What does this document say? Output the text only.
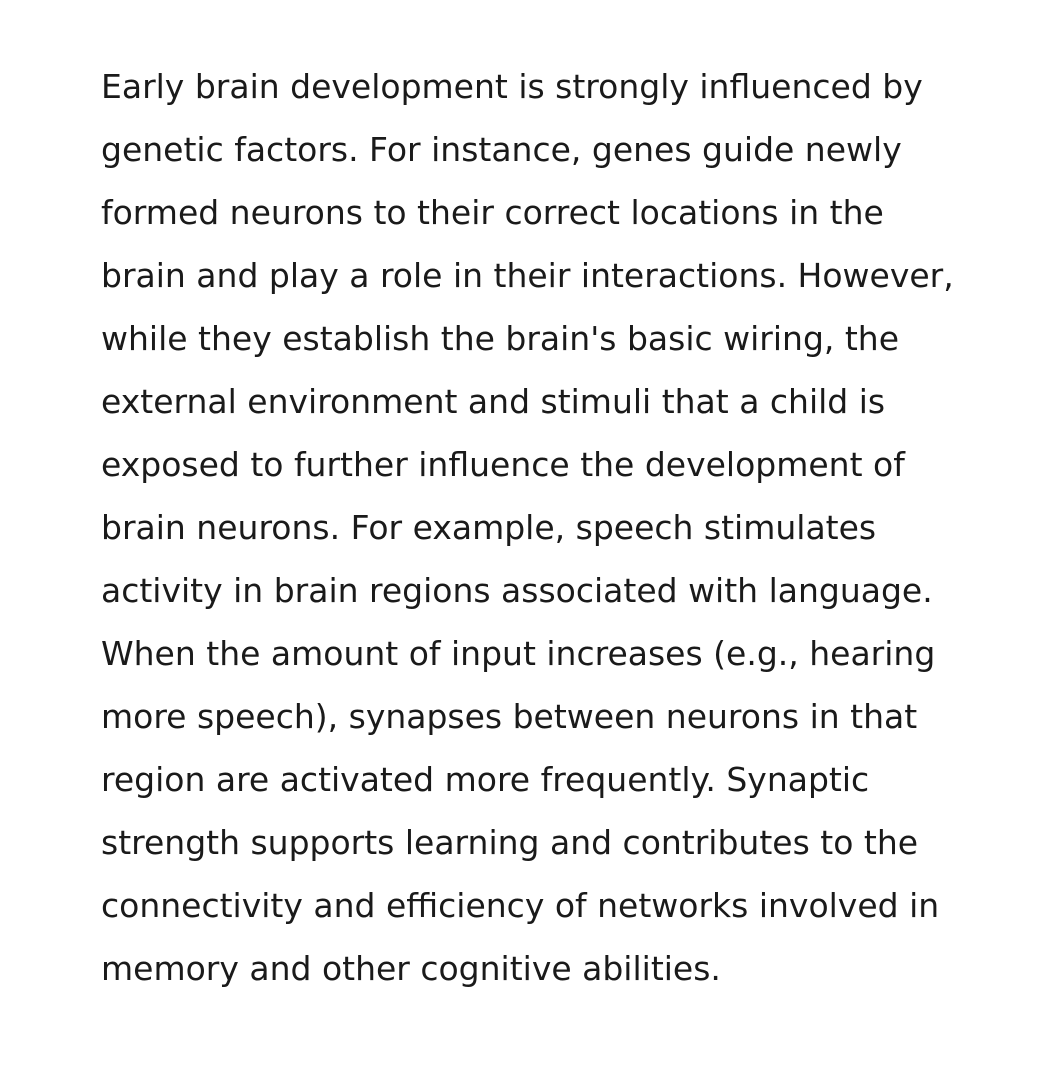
Early brain development is strongly influenced by
genetic factors. For instance, genes guide newly
formed neurons to their correct locations in the
brain and play a role in their interactions. However,
while they establish the brain's basic wiring, the
external environment and stimuli that a child is
exposed to further influence the development of
brain neurons. For example, speech stimulates
activity in brain regions associated with language.
When the amount of input increases (e.g., hearing
more speech), synapses between neurons in that
region are activated more frequently. Synaptic
strength supports learning and contributes to the
connectivity and efficiency of networks involved in
memory and other cognitive abilities.
